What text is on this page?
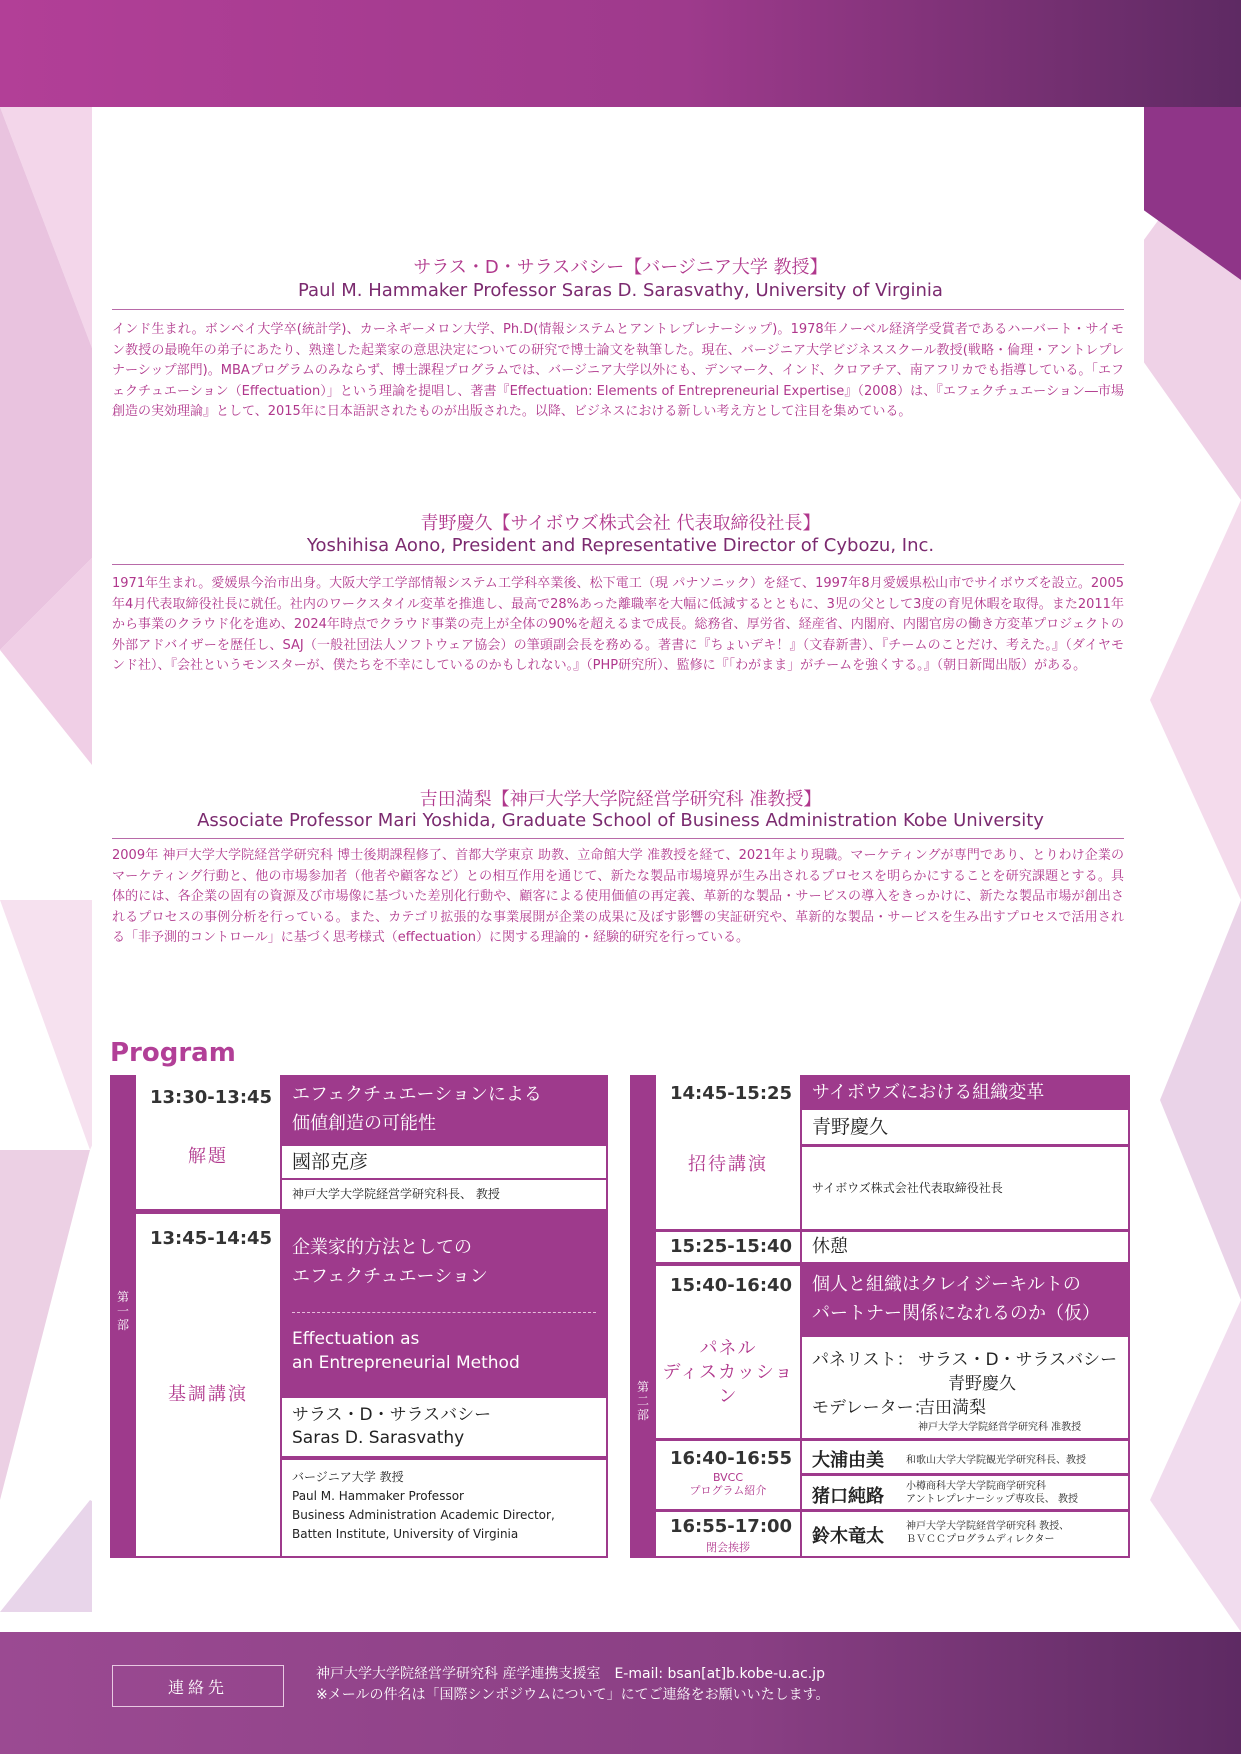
サラス・D・サラスバシー【バージニア大学 教授】
Paul M. Hammaker Professor Saras D. Sarasvathy, University of Virginia
インド生まれ。ボンベイ大学卒(統計学)、カーネギーメロン大学、Ph.D(情報システムとアントレプレナーシップ)。1978年ノーベル経済学受賞者であるハーバート・サイモン教授の最晩年の弟子にあたり、熟達した起業家の意思決定についての研究で博士論文を執筆した。現在、バージニア大学ビジネススクール教授(戦略・倫理・アントレプレナーシップ部門)。MBAプログラムのみならず、博士課程プログラムでは、バージニア大学以外にも、デンマーク、インド、クロアチア、南アフリカでも指導している。「エフェクチュエーション（Effectuation）」という理論を提唱し、著書『Effectuation: Elements of Entrepreneurial Expertise』（2008）は、『エフェクチュエーション―市場創造の実効理論』として、2015年に日本語訳されたものが出版された。以降、ビジネスにおける新しい考え方として注目を集めている。
青野慶久【サイボウズ株式会社 代表取締役社長】
Yoshihisa Aono, President and Representative Director of Cybozu, Inc.
1971年生まれ。愛媛県今治市出身。大阪大学工学部情報システム工学科卒業後、松下電工（現 パナソニック）を経て、1997年8月愛媛県松山市でサイボウズを設立。2005年4月代表取締役社長に就任。社内のワークスタイル変革を推進し、最高で28%あった離職率を大幅に低減するとともに、3児の父として3度の育児休暇を取得。また2011年から事業のクラウド化を進め、2024年時点でクラウド事業の売上が全体の90%を超えるまで成長。総務省、厚労省、経産省、内閣府、内閣官房の働き方変革プロジェクトの外部アドバイザーを歴任し、SAJ（一般社団法人ソフトウェア協会）の筆頭副会長を務める。著書に『ちょいデキ！』（文春新書）、『チームのことだけ、考えた。』（ダイヤモンド社）、『会社というモンスターが、僕たちを不幸にしているのかもしれない。』（PHP研究所）、監修に『「わがまま」がチームを強くする。』（朝日新聞出版）がある。
吉田満梨【神戸大学大学院経営学研究科 准教授】
Associate Professor Mari Yoshida, Graduate School of Business Administration Kobe University
2009年 神戸大学大学院経営学研究科 博士後期課程修了、首都大学東京 助教、立命館大学 准教授を経て、2021年より現職。マーケティングが専門であり、とりわけ企業のマーケティング行動と、他の市場参加者（他者や顧客など）との相互作用を通じて、新たな製品市場境界が生み出されるプロセスを明らかにすることを研究課題とする。具体的には、各企業の固有の資源及び市場像に基づいた差別化行動や、顧客による使用価値の再定義、革新的な製品・サービスの導入をきっかけに、新たな製品市場が創出されるプロセスの事例分析を行っている。また、カテゴリ拡張的な事業展開が企業の成果に及ぼす影響の実証研究や、革新的な製品・サービスを生み出すプロセスで活用される「非予測的コントロール」に基づく思考様式（effectuation）に関する理論的・経験的研究を行っている。
Program
第一部
13:30-13:45
解題
エフェクチュエーションによる
価値創造の可能性
國部克彦
神戸大学大学院経営学研究科長、 教授
13:45-14:45
基調講演
企業家的方法としての
エフェクチュエーション
Effectuation as
an Entrepreneurial Method
サラス・D・サラスバシー
Saras D. Sarasvathy
バージニア大学 教授
Paul M. Hammaker Professor
Business Administration Academic Director,
Batten Institute, University of Virginia
第二部
14:45-15:25
招待講演
サイボウズにおける組織変革
青野慶久
サイボウズ株式会社代表取締役社長
15:25-15:40	休憩
15:40-16:40
パネル
ディスカッション
個人と組織はクレイジーキルトの
パートナー関係になれるのか（仮）
パネリスト： サラス・D・サラスバシー
青野慶久
モデレーター：
吉田満梨
神戸大学大学院経営学研究科 准教授
16:40-16:55
BVCC
プログラム紹介
大浦由美 和歌山大学大学院観光学研究科長、教授
猪口純路 小樽商科大学大学院商学研究科
アントレプレナーシップ専攻長、 教授
16:55-17:00
閉会挨拶
鈴木竜太 神戸大学大学院経営学研究科 教授、
ＢＶＣＣプログラムディレクター
連絡先
神戸大学大学院経営学研究科 産学連携支援室　E-mail: bsan[at]b.kobe-u.ac.jp
※メールの件名は「国際シンポジウムについて」にてご連絡をお願いいたします。
